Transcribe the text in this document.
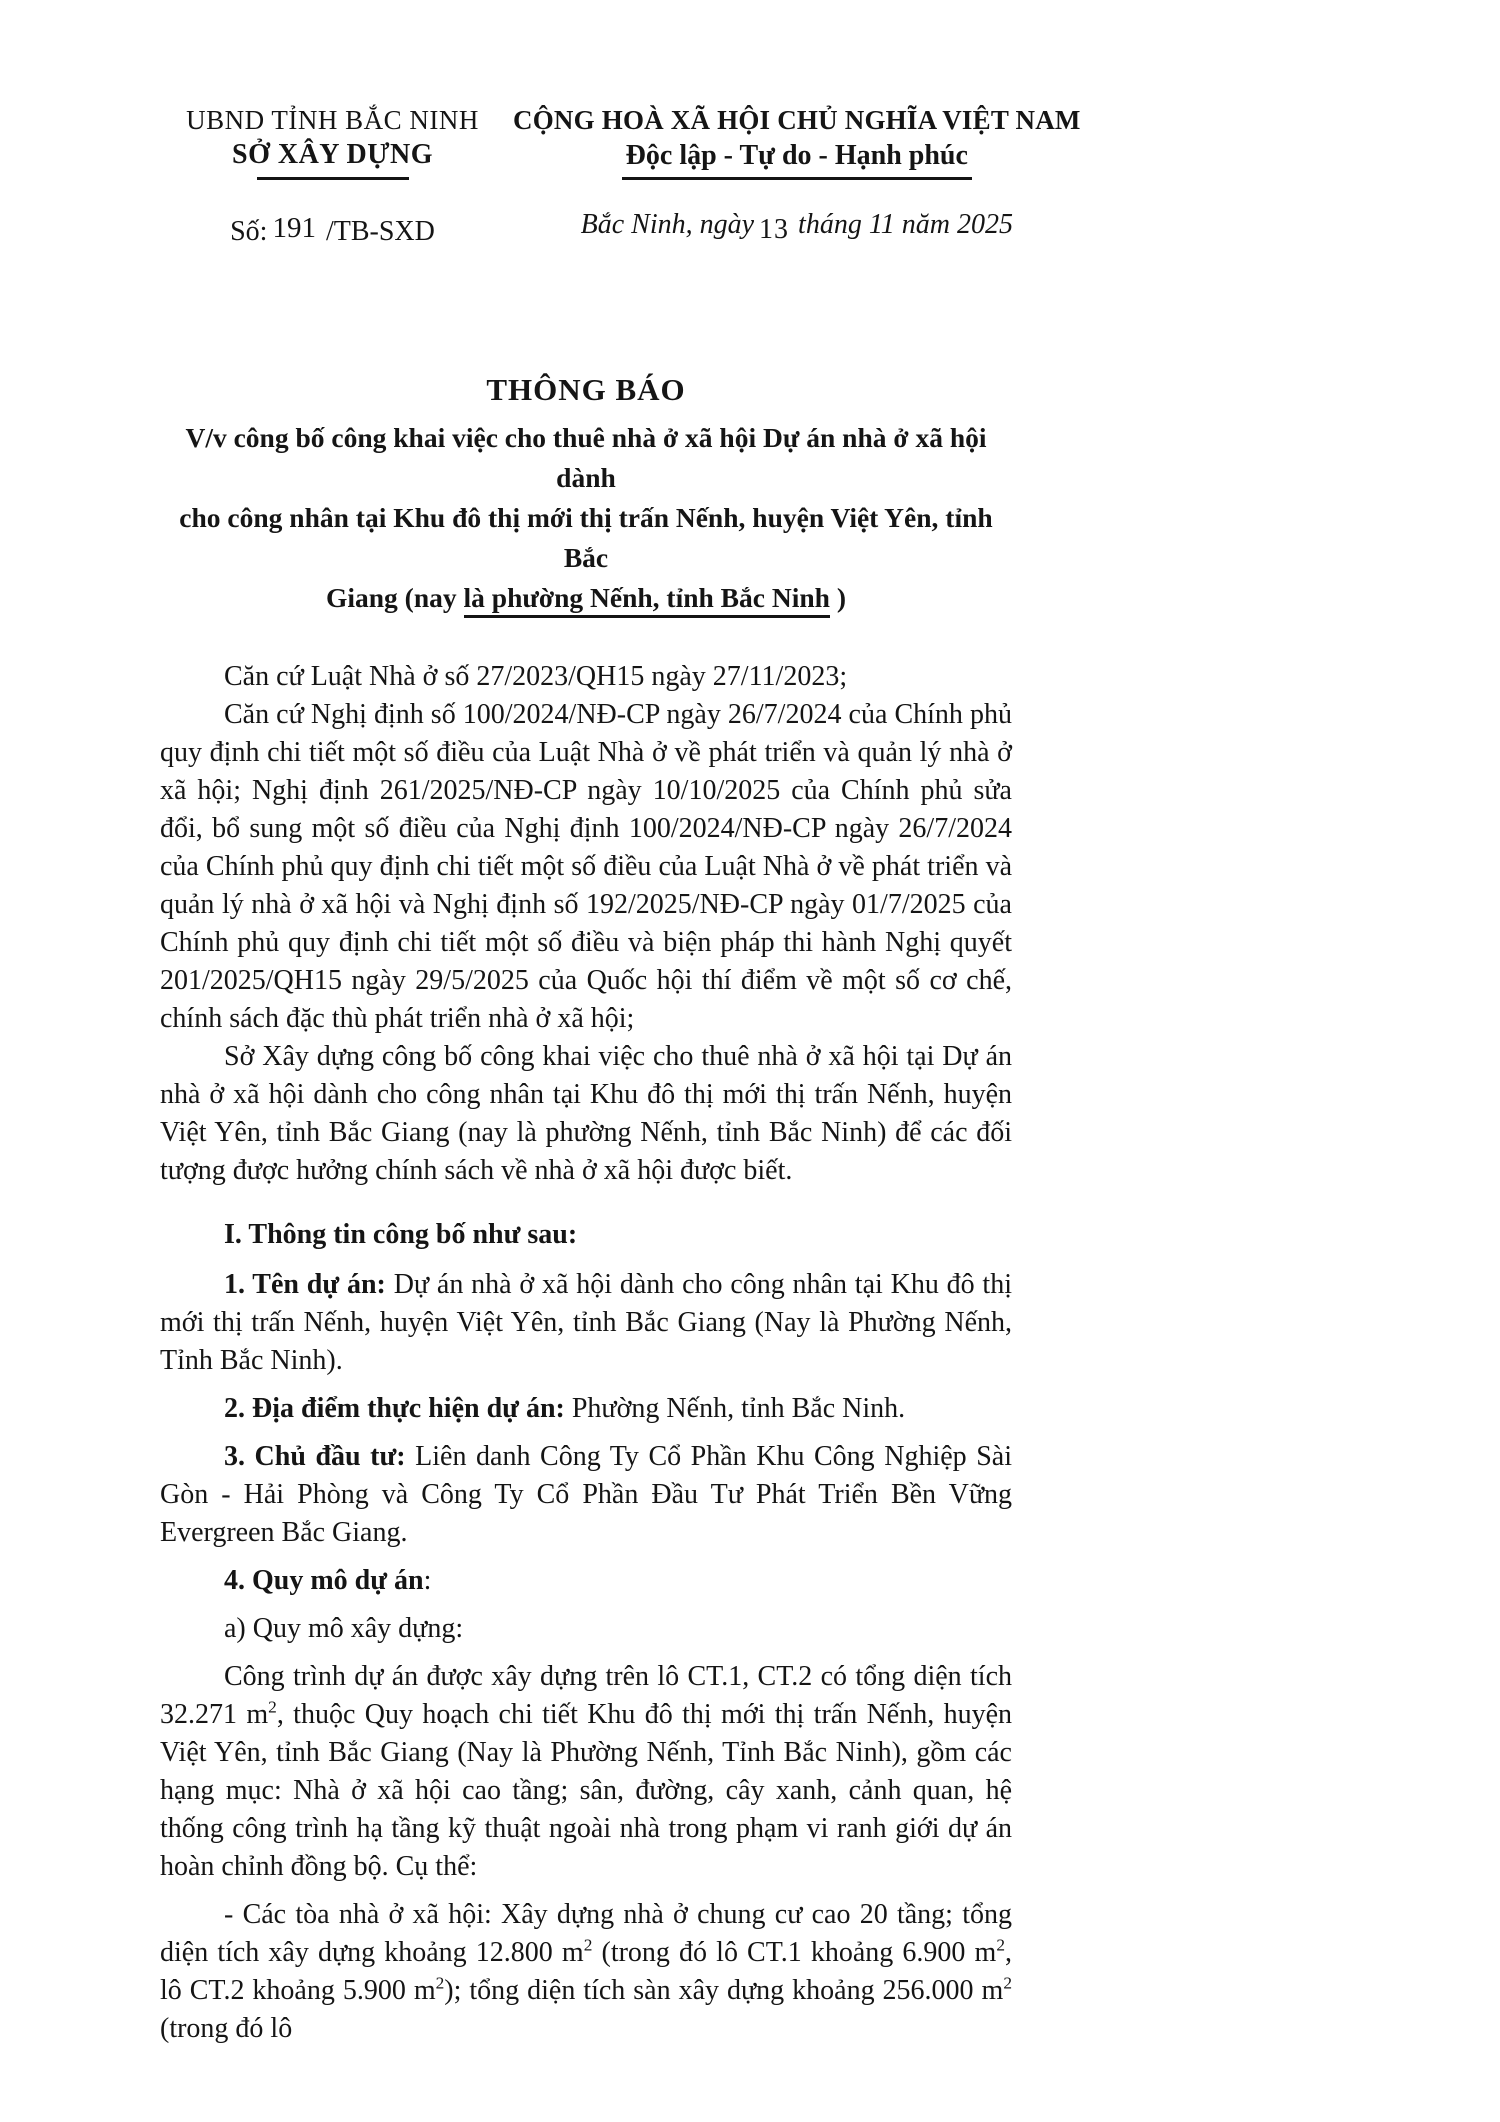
UBND TỈNH BẮC NINH
SỞ XÂY DỰNG
Số: 191 /TB-SXD
CỘNG HOÀ XÃ HỘI CHỦ NGHĨA VIỆT NAM
Độc lập - Tự do - Hạnh phúc
Bắc Ninh, ngày 13 tháng 11 năm 2025
THÔNG BÁO
V/v công bố công khai việc cho thuê nhà ở xã hội Dự án nhà ở xã hội dành
cho công nhân tại Khu đô thị mới thị trấn Nếnh, huyện Việt Yên, tỉnh Bắc
Giang (nay là phường Nếnh, tỉnh Bắc Ninh )

Căn cứ Luật Nhà ở số 27/2023/QH15 ngày 27/11/2023;

Căn cứ Nghị định số 100/2024/NĐ-CP ngày 26/7/2024 của Chính phủ quy định chi tiết một số điều của Luật Nhà ở về phát triển và quản lý nhà ở xã hội; Nghị định 261/2025/NĐ-CP ngày 10/10/2025 của Chính phủ sửa đổi, bổ sung một số điều của Nghị định 100/2024/NĐ-CP ngày 26/7/2024 của Chính phủ quy định chi tiết một số điều của Luật Nhà ở về phát triển và quản lý nhà ở xã hội và Nghị định số 192/2025/NĐ-CP ngày 01/7/2025 của Chính phủ quy định chi tiết một số điều và biện pháp thi hành Nghị quyết 201/2025/QH15 ngày 29/5/2025 của Quốc hội thí điểm về một số cơ chế, chính sách đặc thù phát triển nhà ở xã hội;

Sở Xây dựng công bố công khai việc cho thuê nhà ở xã hội tại Dự án nhà ở xã hội dành cho công nhân tại Khu đô thị mới thị trấn Nếnh, huyện Việt Yên, tỉnh Bắc Giang (nay là phường Nếnh, tỉnh Bắc Ninh) để các đối tượng được hưởng chính sách về nhà ở xã hội được biết.

I. Thông tin công bố như sau:

1. Tên dự án: Dự án nhà ở xã hội dành cho công nhân tại Khu đô thị mới thị trấn Nếnh, huyện Việt Yên, tỉnh Bắc Giang (Nay là Phường Nếnh, Tỉnh Bắc Ninh).

2. Địa điểm thực hiện dự án: Phường Nếnh, tỉnh Bắc Ninh.

3. Chủ đầu tư: Liên danh Công Ty Cổ Phần Khu Công Nghiệp Sài Gòn - Hải Phòng và Công Ty Cổ Phần Đầu Tư Phát Triển Bền Vững Evergreen Bắc Giang.

4. Quy mô dự án:

a) Quy mô xây dựng:

Công trình dự án được xây dựng trên lô CT.1, CT.2 có tổng diện tích 32.271 $m^2$, thuộc Quy hoạch chi tiết Khu đô thị mới thị trấn Nếnh, huyện Việt Yên, tỉnh Bắc Giang (Nay là Phường Nếnh, Tỉnh Bắc Ninh), gồm các hạng mục: Nhà ở xã hội cao tầng; sân, đường, cây xanh, cảnh quan, hệ thống công trình hạ tầng kỹ thuật ngoài nhà trong phạm vi ranh giới dự án hoàn chỉnh đồng bộ. Cụ thể:

- Các tòa nhà ở xã hội: Xây dựng nhà ở chung cư cao 20 tầng; tổng diện tích xây dựng khoảng 12.800 $m^2$ (trong đó lô CT.1 khoảng 6.900 $m^2$, lô CT.2 khoảng 5.900 $m^2$); tổng diện tích sàn xây dựng khoảng 256.000 $m^2$ (trong đó lô
